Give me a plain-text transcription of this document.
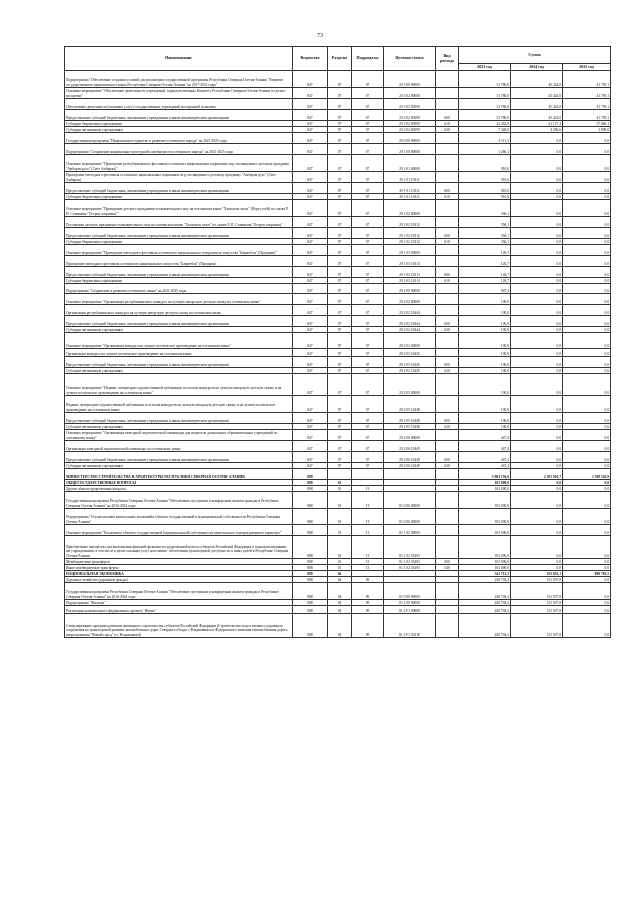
73
Наименование	Ведомство	Разделы	Подразделы	Целевая статья	Вид расхода	Сумма		
						2023 год	2024 год	2025 год
Подпрограмма "Обеспечение создания условий для реализации государственной программы Республики Северная Осетия-Алания "Развитие государственного национального языка Республики Северная Осетия-Алания" на 2017-2021 годы"	847	07	07	25 3 00 00000		31 780,0	45 424,0	41 759,1
Основное мероприятие "Обеспечение деятельности учреждений, подведомственных Комитету Республики Северная Осетия-Алания по делам молодежи"	847	07	07	25 3 02 00000		31 780,0	45 424,0	41 759,1
Обеспечение деятельности (оказание услуг) государственных учреждений молодежной политики	847	07	07	25 3 02 00590		31 780,0	45 424,0	41 759,1
Предоставление субсидий бюджетным, автономным учреждениям и иным некоммерческим организациям	847	07	07	25 3 02 00590	600	31 780,0	45 424,0	41 759,1
Субсидии бюджетным учреждениям	847	07	07	25 3 02 00590	610	24 452,0	41 127,4	37 860,1
Субсидии автономным учреждениям	847	07	07	25 3 02 00590	620	7 328,0	4 296,6	3 899,0
Государственная программа "Национальное единство и развитие осетинского народа" на 2021-2025 годы	847	07	07	29 0 00 00000		3 113,3	0,0	0,0
Подпрограмма "Сохранение национально-культурной самобытности осетинского народа" на 2021-2025 годы	847	07	07	29 1 00 00000		1 266,1	0,0	0,0
Основное мероприятие "Проведение республиканского фестиваля осетинских национальных подвижных игр, посвященного детскому празднику "Амбарзы рухс" (Свет Амбарзы)"	847	07	07	29 1 01 00000		910,0	0,0	0,0
Проведение ежегодного фестиваля осетинских национальных подвижных игр, посвященного детскому празднику "Амбарзы рухс" (Свет Амбарзы)	847	07	07	29 1 01 10311		910,0	0,0	0,0
Предоставление субсидий бюджетным, автономным учреждениям и иным некоммерческим организациям	847	07	07	29 1 01 10311	600	910,0	0,0	0,0
Субсидии бюджетным учреждениям	847	07	07	29 1 01 10311	610	910,0	0,0	0,0
Основное мероприятие "Проведение детского празднично-познавательного шоу на осетинском языке "Хъазуыты хъазт" (Игра гусей) по сказке Р. П. Ставинова "Остров сокровищ""	847	07	07	29 1 02 00000		356,1	0,0	0,0
Постановка детского празднично-познавательного шоу на осетинском языке "Хъазуыты хъазт" по сказке Р. П. Ставинова "Остров сокровищ"	847	07	07	29 1 02 10312		356,1	0,0	0,0
Предоставление субсидий бюджетным, автономным учреждениям и иным некоммерческим организациям	847	07	07	29 1 02 10312	600	356,1	0,0	0,0
Субсидии бюджетным учреждениям	847	07	07	29 1 02 10312	610	356,1	0,0	0,0
Основное мероприятие "Проведение ежегодного фестиваля осетинского национального театрального искусства "Бæрæгбон" (Праздник)"	847	07	07	29 1 03 00000		126,7	0,0	0,0
Проведение ежегодного фестиваля осетинского национального искусства "Бæрæгбон" (Праздник)	847	07	07	29 1 03 10313		126,7	0,0	0,0
Предоставление субсидий бюджетным, автономным учреждениям и иным некоммерческим организациям	847	07	07	29 1 03 10313	600	126,7	0,0	0,0
Субсидии бюджетным учреждениям	847	07	07	29 1 03 10313	610	126,7	0,0	0,0
Подпрограмма "Сохранение и развитие осетинского языка" на 2021-2025 годы	847	07	07	29 2 00 00000		947,4	0,0	0,0
Основное мероприятие "Организация республиканского конкурса на лучшую авторскую детскую сказку на осетинском языке"	847	07	07	29 2 02 00000		100,0	0,0	0,0
Организация республиканского конкурса на лучшую авторскую детскую сказку на осетинском языке	847	07	07	29 2 02 10444		100,0	0,0	0,0
Предоставление субсидий бюджетным, автономным учреждениям и иным некоммерческим организациям	847	07	07	29 2 02 10444	600	100,0	0,0	0,0
Субсидии автономным учреждениям	847	07	07	29 2 02 10444	620	100,0	0,0	0,0
Основное мероприятие "Организация конкурса на лучшее поэтическое произведение на осетинском языке"	847	07	07	29 2 03 00000		100,0	0,0	0,0
Организация конкурса на лучшее поэтическое произведение на осетинском языке	847	07	07	29 2 03 10445		100,0	0,0	0,0
Предоставление субсидий бюджетным, автономным учреждениям и иным некоммерческим организациям	847	07	07	29 2 03 10445	600	100,0	0,0	0,0
Субсидии автономным учреждениям	847	07	07	29 2 03 10445	620	100,0	0,0	0,0
Основное мероприятие "Издание литературно-художественной публикации по итогам конкурсов на лучшую авторскую детскую сказку и на лучшее поэтическое произведение на осетинском языке"	847	07	07	29 2 05 00000		100,0	0,0	0,0
Издание литературно-художественной публикации по итогам конкурсов на лучшую авторскую детскую сказку и на лучшее поэтическое произведение на осетинском языке	847	07	07	29 2 05 10448		100,0	0,0	0,0
Предоставление субсидий бюджетным, автономным учреждениям и иным некоммерческим организациям	847	07	07	29 2 05 10448	600	100,0	0,0	0,0
Субсидии автономным учреждениям	847	07	07	29 2 05 10448	620	100,0	0,0	0,0
Основное мероприятие "Организация ежегодной педагогической олимпиады для педагогов дошкольных образовательных учреждений по осетинскому языку"	847	07	07	29 2 06 00000		447,4	0,0	0,0
Организация ежегодной педагогической олимпиады по осетинскому языку	847	07	07	29 2 06 10449		447,4	0,0	0,0
Предоставление субсидий бюджетным, автономным учреждениям и иным некоммерческим организациям	847	07	07	29 2 06 10449	600	447,4	0,0	0,0
Субсидии автономным учреждениям	847	07	07	29 2 06 10449	620	447,4	0,0	0,0
МИНИСТЕРСТВО СТРОИТЕЛЬСТВА И АРХИТЕКТУРЫ РЕСПУБЛИКИ СЕВЕРНАЯ ОСЕТИЯ-АЛАНИЯ	888					5 963 156,0	2 381 910,7	1 308 145,9
ОБЩЕГОСУДАРСТВЕННЫЕ ВОПРОСЫ	888	01				103 000,0	0,0	0,0
Другие общегосударственные вопросы	888	01	13			103 000,0	0,0	0,0
Государственная программа Республики Северная Осетия-Алания "Обеспечение доступным и комфортным жильем граждан в Республике Северная Осетия-Алания" на 2016-2024 годы	888	01	13	01 0 00 00000		103 000,0	0,0	0,0
Подпрограмма "Осуществление капитальных вложений в объекты государственной и муниципальной собственности Республики Северная Осетия-Алания"	888	01	13	01 0 00 00000		103 000,0	0,0	0,0
Основное мероприятие "Вложения в объекты государственной (муниципальной) собственности капитального и непрограммного характера"	888	01	13	01 1 02 00000		103 000,0	0,0	0,0
Приобретение имущества для выполнения функций органами государственной власти субъектов Российской Федерации и подведомственными им учреждениями, в том числе в целях оказания услуг населению, обеспечения транспортной доступности и иных целей в Республике Северная Осетия-Алания	888	01	13	01 1 02 53493		103 000,0	0,0	0,0
Межбюджетные трансферты	888	01	13	01 1 02 53493	500	103 000,0	0,0	0,0
Иные межбюджетные трансферты	888	01	13	01 1 02 53493	540	103 000,0	0,0	0,0
НАЦИОНАЛЬНАЯ ЭКОНОМИКА	888	04				541 712,3	355 653,1	800 783,5
Дорожное хозяйство (дорожные фонды)	888	04	09			240 704,2	311 037,8	0,0
Государственная программа Республики Северная Осетия-Алания "Обеспечение доступным и комфортным жильем граждан в Республике Северная Осетия-Алания" на 2016-2024 годы	888	04	09	01 0 00 00000		240 704,2	311 037,8	0,0
Подпрограмма "Жилище"	888	04	09	01 2 00 00000		240 704,2	311 037,8	0,0
Реализация национального федерального проекта "Жилье"	888	04	09	01 2 F1 00000		240 704,2	311 037,8	0,0
Стимулирование программ развития жилищного строительства субъектов Российской Федерации (Строительство искусственного дорожного сооружения на транспортной развязке автомобильных дорог Северного обхода г. Владикавказа и Федерального значения (автомобильная дорога непрограммная "Новый город" в г. Владикавказ))	888	04	09	01 2 F1 5021F		240 704,2	311 037,8	0,0
